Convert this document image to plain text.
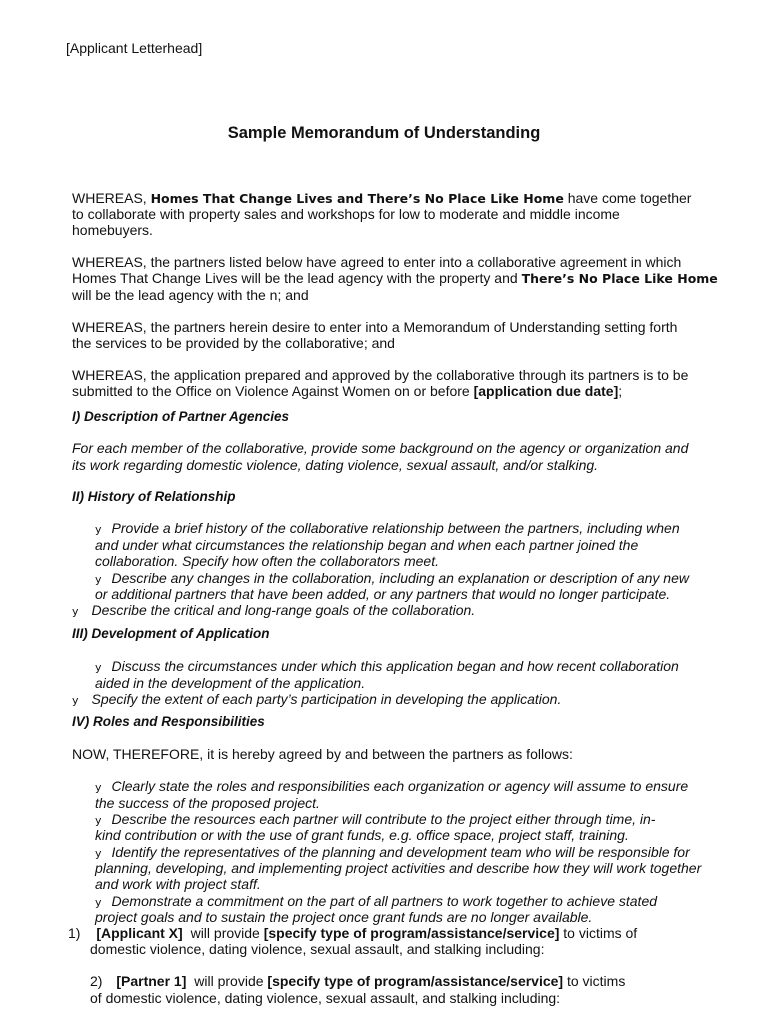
[Applicant Letterhead]
Sample Memorandum of Understanding
WHEREAS, Homes That Change Lives and There’s No Place Like Home have come together
to collaborate with property sales and workshops for low to moderate and middle income
homebuyers.
WHEREAS, the partners listed below have agreed to enter into a collaborative agreement in which
Homes That Change Lives will be the lead agency with the property and There’s No Place Like Home
will be the lead agency with the n; and
WHEREAS, the partners herein desire to enter into a Memorandum of Understanding setting forth
the services to be provided by the collaborative; and
WHEREAS, the application prepared and approved by the collaborative through its partners is to be
submitted to the Office on Violence Against Women on or before [application due date];
I) Description of Partner Agencies
For each member of the collaborative, provide some background on the agency or organization and
its work regarding domestic violence, dating violence, sexual assault, and/or stalking.
II) History of Relationship
y Provide a brief history of the collaborative relationship between the partners, including when
and under what circumstances the relationship began and when each partner joined the
collaboration. Specify how often the collaborators meet.
y Describe any changes in the collaboration, including an explanation or description of any new
or additional partners that have been added, or any partners that would no longer participate.
y Describe the critical and long-range goals of the collaboration.
III) Development of Application
y Discuss the circumstances under which this application began and how recent collaboration
aided in the development of the application.
y Specify the extent of each party’s participation in developing the application.
IV) Roles and Responsibilities
NOW, THEREFORE, it is hereby agreed by and between the partners as follows:
y Clearly state the roles and responsibilities each organization or agency will assume to ensure
the success of the proposed project.
y Describe the resources each partner will contribute to the project either through time, in-
kind contribution or with the use of grant funds, e.g. office space, project staff, training.
y Identify the representatives of the planning and development team who will be responsible for
planning, developing, and implementing project activities and describe how they will work together
and work with project staff.
y Demonstrate a commitment on the part of all partners to work together to achieve stated
project goals and to sustain the project once grant funds are no longer available.
1) [Applicant X] will provide [specify type of program/assistance/service] to victims of
domestic violence, dating violence, sexual assault, and stalking including:
2) [Partner 1] will provide [specify type of program/assistance/service] to victims
of domestic violence, dating violence, sexual assault, and stalking including:
